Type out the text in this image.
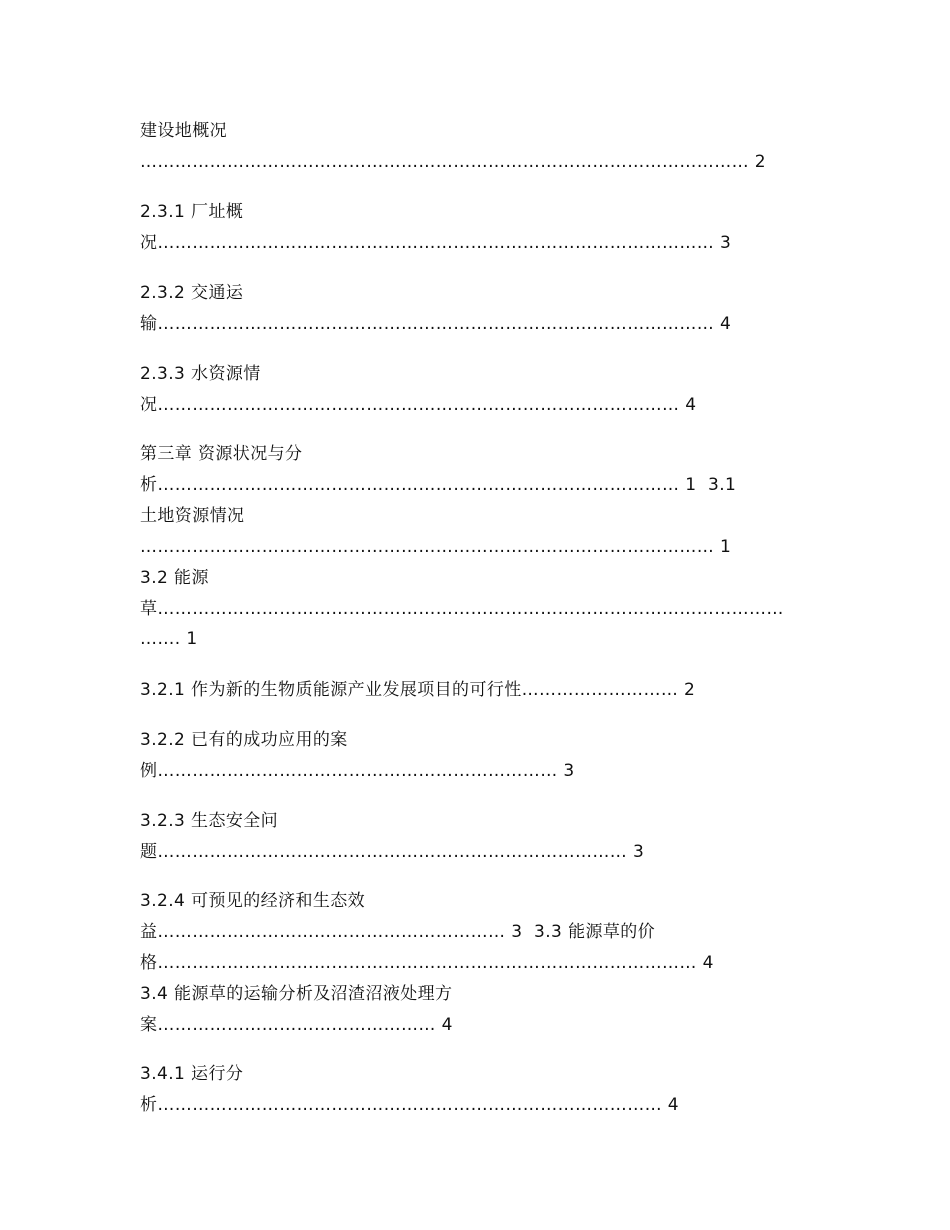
建设地概况
…………………………………………………………………………………………… 2
2.3.1 厂址概
况…………………………………………………………………………………… 3
2.3.2 交通运
输…………………………………………………………………………………… 4
2.3.3 水资源情
况……………………………………………………………………………… 4
第三章 资源状况与分
析……………………………………………………………………………… 1  3.1
土地资源情况
……………………………………………………………………………………… 1
3.2 能源
草………………………………………………………………………………………………
……. 1
3.2.1 作为新的生物质能源产业发展项目的可行性……………………… 2
3.2.2 已有的成功应用的案
例…………………………………………………………… 3
3.2.3 生态安全问
题……………………………………………………………………… 3
3.2.4 可预见的经济和生态效
益…………………………………………………… 3  3.3 能源草的价
格………………………………………………………………………………… 4
3.4 能源草的运输分析及沼渣沼液处理方
案………………………………………… 4
3.4.1 运行分
析…………………………………………………………………………… 4
